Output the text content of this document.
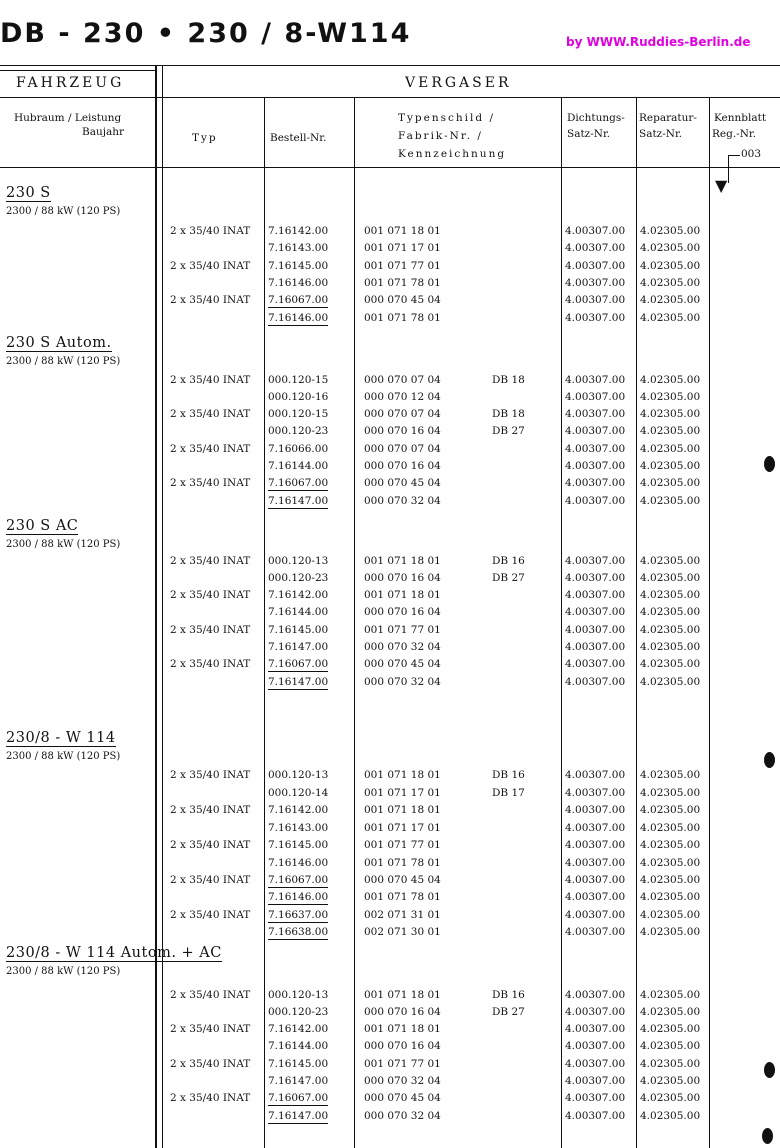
DB - 230 • 230 / 8-W114	by WWW.Ruddies-Berlin.de
FAHRZEUG	VERGASER
Hubraum / Leistung
Baujahr	Typ	Bestell-Nr.
Typenschild /
Fabrik-Nr. /
Kennzeichnung
Dichtungs-
Satz-Nr.
Reparatur-
Satz-Nr.
Kennblatt
Reg.-Nr.
003
▼
230 S
2300 / 88 kW (120 PS)
2 x 35/40 INAT 7.16142.00	001 071 18 01	4.00307.00 4.02305.00
7.16143.00	001 071 17 01	4.00307.00 4.02305.00
2 x 35/40 INAT 7.16145.00	001 071 77 01	4.00307.00 4.02305.00
7.16146.00	001 071 78 01	4.00307.00 4.02305.00
2 x 35/40 INAT 7.16067.00	000 070 45 04	4.00307.00 4.02305.00
7.16146.00	001 071 78 01	4.00307.00 4.02305.00
230 S Autom.
2300 / 88 kW (120 PS)
2 x 35/40 INAT 000.120-15	000 070 07 04	DB 18	4.00307.00 4.02305.00
000.120-16	000 070 12 04	4.00307.00 4.02305.00
2 x 35/40 INAT 000.120-15	000 070 07 04	DB 18	4.00307.00 4.02305.00
000.120-23	000 070 16 04	DB 27	4.00307.00 4.02305.00
2 x 35/40 INAT 7.16066.00	000 070 07 04	4.00307.00 4.02305.00
7.16144.00	000 070 16 04	4.00307.00 4.02305.00
2 x 35/40 INAT 7.16067.00	000 070 45 04	4.00307.00 4.02305.00
7.16147.00	000 070 32 04	4.00307.00 4.02305.00
230 S AC
2300 / 88 kW (120 PS)
2 x 35/40 INAT 000.120-13	001 071 18 01	DB 16	4.00307.00 4.02305.00
000.120-23	000 070 16 04	DB 27	4.00307.00 4.02305.00
2 x 35/40 INAT 7.16142.00	001 071 18 01	4.00307.00 4.02305.00
7.16144.00	000 070 16 04	4.00307.00 4.02305.00
2 x 35/40 INAT 7.16145.00	001 071 77 01	4.00307.00 4.02305.00
7.16147.00	000 070 32 04	4.00307.00 4.02305.00
2 x 35/40 INAT 7.16067.00	000 070 45 04	4.00307.00 4.02305.00
7.16147.00	000 070 32 04	4.00307.00 4.02305.00
230/8 - W 114
2300 / 88 kW (120 PS)
2 x 35/40 INAT 000.120-13	001 071 18 01	DB 16	4.00307.00 4.02305.00
000.120-14	001 071 17 01	DB 17	4.00307.00 4.02305.00
2 x 35/40 INAT 7.16142.00	001 071 18 01	4.00307.00 4.02305.00
7.16143.00	001 071 17 01	4.00307.00 4.02305.00
2 x 35/40 INAT 7.16145.00	001 071 77 01	4.00307.00 4.02305.00
7.16146.00	001 071 78 01	4.00307.00 4.02305.00
2 x 35/40 INAT 7.16067.00	000 070 45 04	4.00307.00 4.02305.00
7.16146.00	001 071 78 01	4.00307.00 4.02305.00
2 x 35/40 INAT 7.16637.00	002 071 31 01	4.00307.00 4.02305.00
7.16638.00	002 071 30 01	4.00307.00 4.02305.00
230/8 - W 114 Autom. + AC
2300 / 88 kW (120 PS)
2 x 35/40 INAT 000.120-13	001 071 18 01	DB 16	4.00307.00 4.02305.00
000.120-23	000 070 16 04	DB 27	4.00307.00 4.02305.00
2 x 35/40 INAT 7.16142.00	001 071 18 01	4.00307.00 4.02305.00
7.16144.00	000 070 16 04	4.00307.00 4.02305.00
2 x 35/40 INAT 7.16145.00	001 071 77 01	4.00307.00 4.02305.00
7.16147.00	000 070 32 04	4.00307.00 4.02305.00
2 x 35/40 INAT 7.16067.00	000 070 45 04	4.00307.00 4.02305.00
7.16147.00	000 070 32 04	4.00307.00 4.02305.00
